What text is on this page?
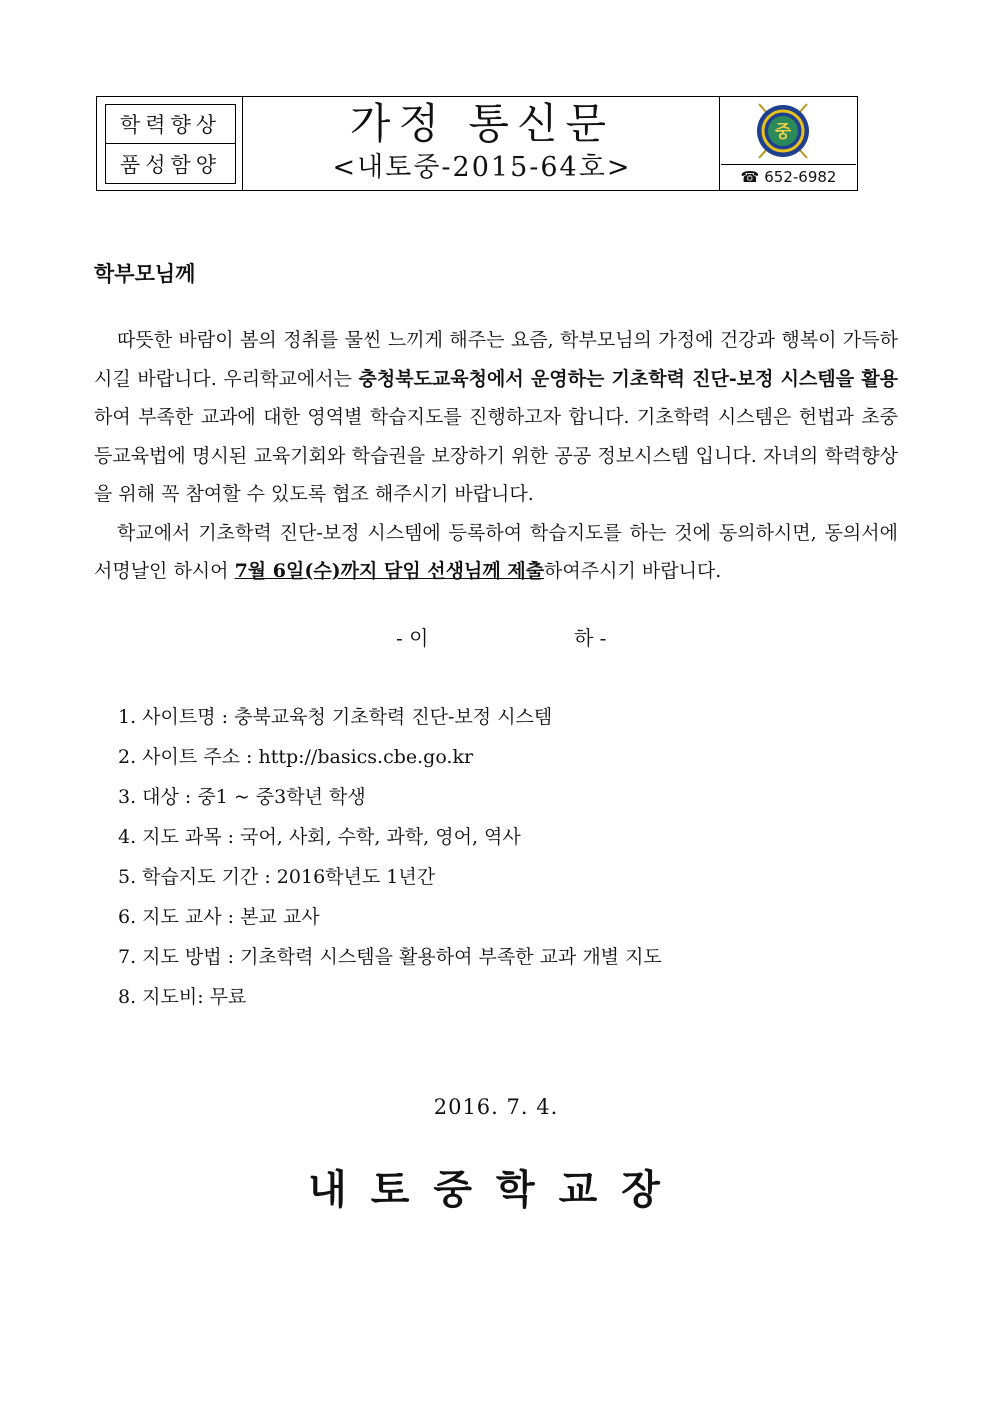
학력향상
품성함양
가정 통신문
<내토중-2015-64호>
중
☎ 652-6982
학부모님께

따뜻한 바람이 봄의 정취를 물씬 느끼게 해주는 요즘, 학부모님의 가정에 건강과 행복이 가득하시길 바랍니다. 우리학교에서는 충청북도교육청에서 운영하는 기초학력 진단-보정 시스템을 활용하여 부족한 교과에 대한 영역별 학습지도를 진행하고자 합니다. 기초학력 시스템은 헌법과 초중등교육법에 명시된 교육기회와 학습권을 보장하기 위한 공공 정보시스템 입니다. 자녀의 학력향상을 위해 꼭 참여할 수 있도록 협조 해주시기 바랍니다.

학교에서 기초학력 진단-보정 시스템에 등록하여 학습지도를 하는 것에 동의하시면, 동의서에 서명날인 하시어 7월 6일(수)까지 담임 선생님께 제출하여주시기 바랍니다.

- 이	하 -
1. 사이트명 : 충북교육청 기초학력 진단-보정 시스템
2. 사이트 주소 : http://basics.cbe.go.kr
3. 대상 : 중1 ~ 중3학년 학생
4. 지도 과목 : 국어, 사회, 수학, 과학, 영어, 역사
5. 학습지도 기간 : 2016학년도 1년간
6. 지도 교사 : 본교 교사
7. 지도 방법 : 기초학력 시스템을 활용하여 부족한 교과 개별 지도
8. 지도비: 무료
2016. 7. 4.
내토중학교장
